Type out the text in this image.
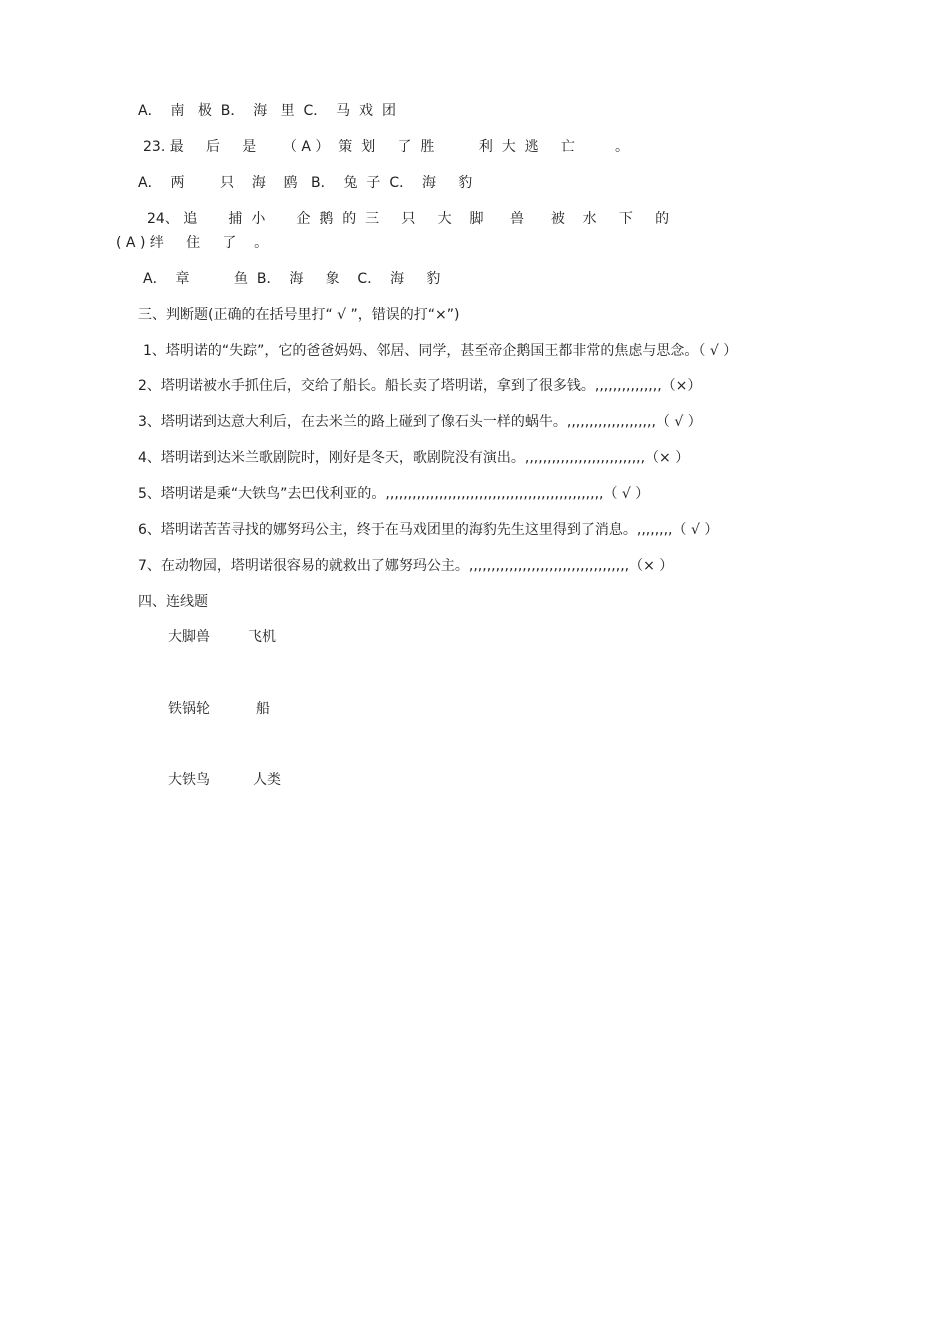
A．  南   极  B．  海   里  C．  马  戏  团
23. 最     后     是      （ A ）  策  划     了  胜          利  大  逃     亡         。
A．  两        只    海    鸥   B．  兔  子  C．  海     豹
24、 追       捕  小       企  鹅  的  三     只     大    脚      兽      被    水     下     的
( A ) 绊     住     了    。
A．  章          鱼  B．  海     象    C．  海     豹
三、判断题(正确的在括号里打“ √ ”，错误的打“×”)
1、塔明诺的“失踪”，它的爸爸妈妈、邻居、同学，甚至帝企鹅国王都非常的焦虑与思念。（ √ ）
2、塔明诺被水手抓住后，交给了船长。船长卖了塔明诺，拿到了很多钱。,,,,,,,,,,,,,,,（×）
3、塔明诺到达意大利后，在去米兰的路上碰到了像石头一样的蜗牛。,,,,,,,,,,,,,,,,,,,,（ √ ）
4、塔明诺到达米兰歌剧院时，刚好是冬天，歌剧院没有演出。,,,,,,,,,,,,,,,,,,,,,,,,,,,（× ）
5、塔明诺是乘“大铁鸟”去巴伐利亚的。,,,,,,,,,,,,,,,,,,,,,,,,,,,,,,,,,,,,,,,,,,,,,,,,,（ √ ）
6、塔明诺苦苦寻找的娜努玛公主，终于在马戏团里的海豹先生这里得到了消息。,,,,,,,,（ √ ）
7、在动物园，塔明诺很容易的就救出了娜努玛公主。,,,,,,,,,,,,,,,,,,,,,,,,,,,,,,,,,,,,（× ）
四、连线题
大脚兽	飞机
铁锅轮	船
大铁鸟	人类
